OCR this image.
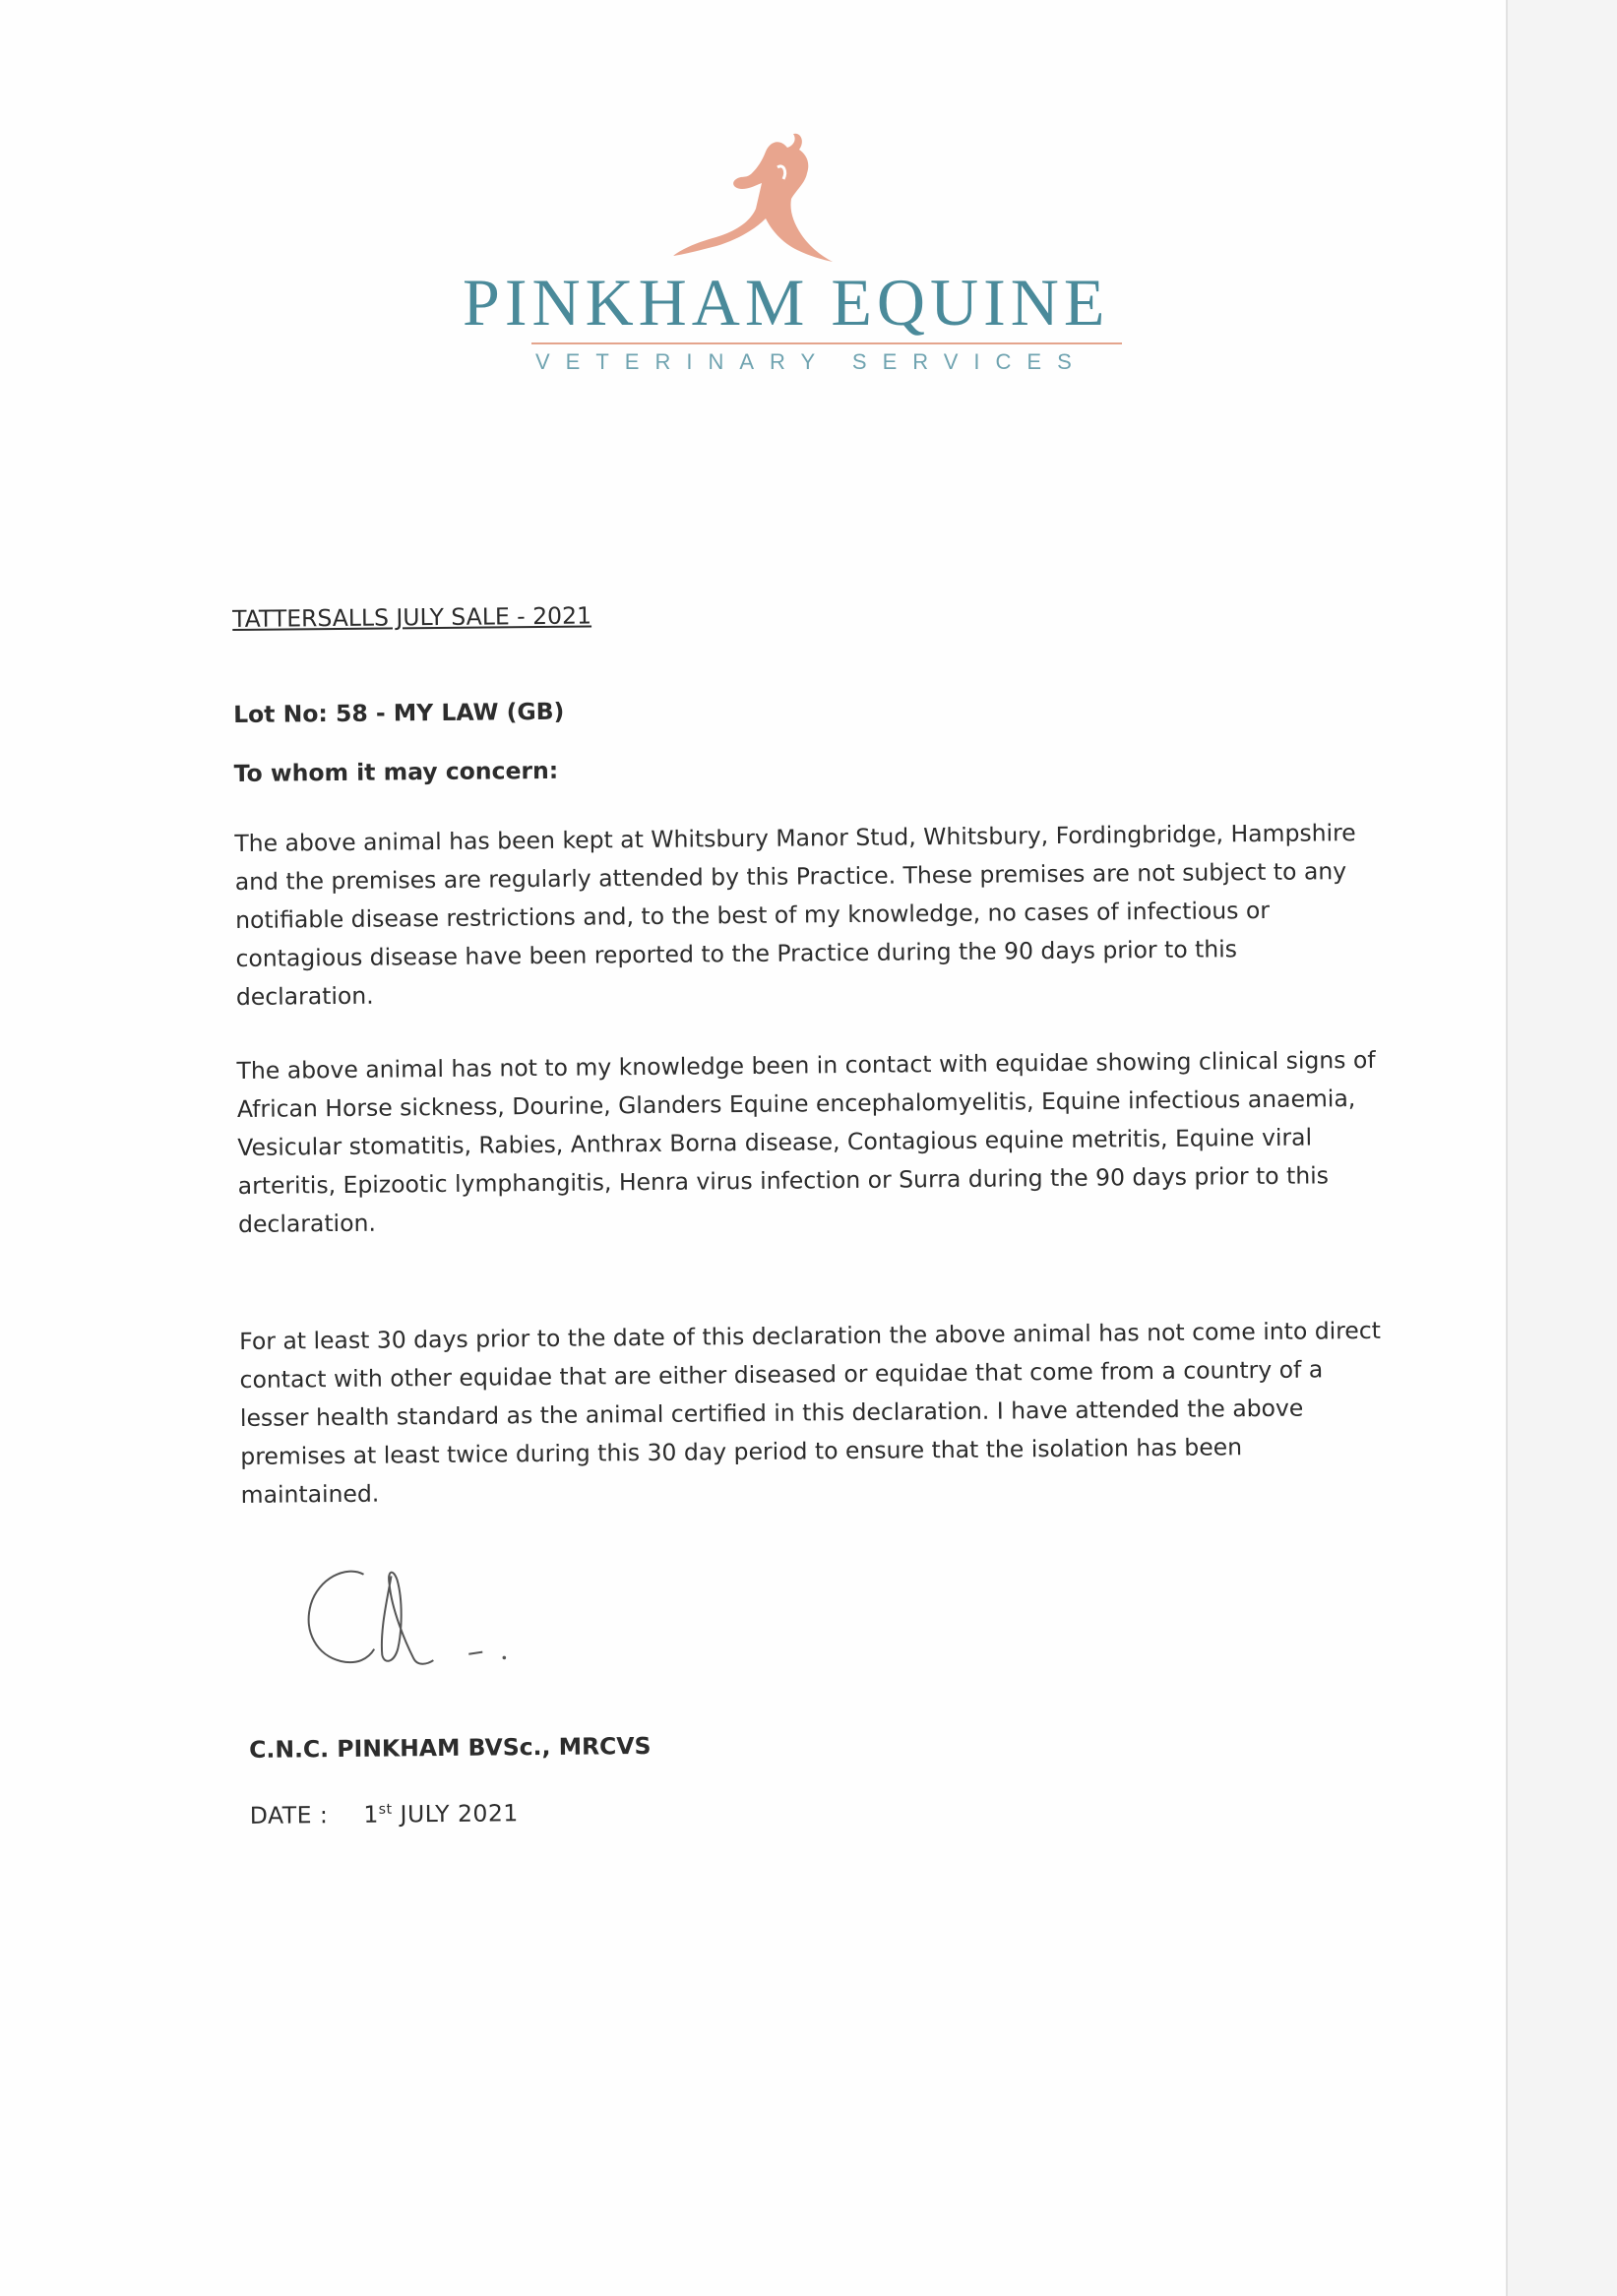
PINKHAM EQUINE
VETERINARY SERVICES

TATTERSALLS JULY SALE - 2021

Lot No: 58 - MY LAW (GB)

To whom it may concern:

The above animal has been kept at Whitsbury Manor Stud, Whitsbury, Fordingbridge, Hampshire and the premises are regularly attended by this Practice. These premises are not subject to any notifiable disease restrictions and, to the best of my knowledge, no cases of infectious or contagious disease have been reported to the Practice during the 90 days prior to this declaration.

The above animal has not to my knowledge been in contact with equidae showing clinical signs of African Horse sickness, Dourine, Glanders Equine encephalomyelitis, Equine infectious anaemia, Vesicular stomatitis, Rabies, Anthrax Borna disease, Contagious equine metritis, Equine viral arteritis, Epizootic lymphangitis, Henra virus infection or Surra during the 90 days prior to this declaration.

For at least 30 days prior to the date of this declaration the above animal has not come into direct contact with other equidae that are either diseased or equidae that come from a country of a lesser health standard as the animal certified in this declaration. I have attended the above premises at least twice during this 30 day period to ensure that the isolation has been maintained.

C.N.C. PINKHAM BVSc., MRCVS

DATE : 1st JULY 2021
